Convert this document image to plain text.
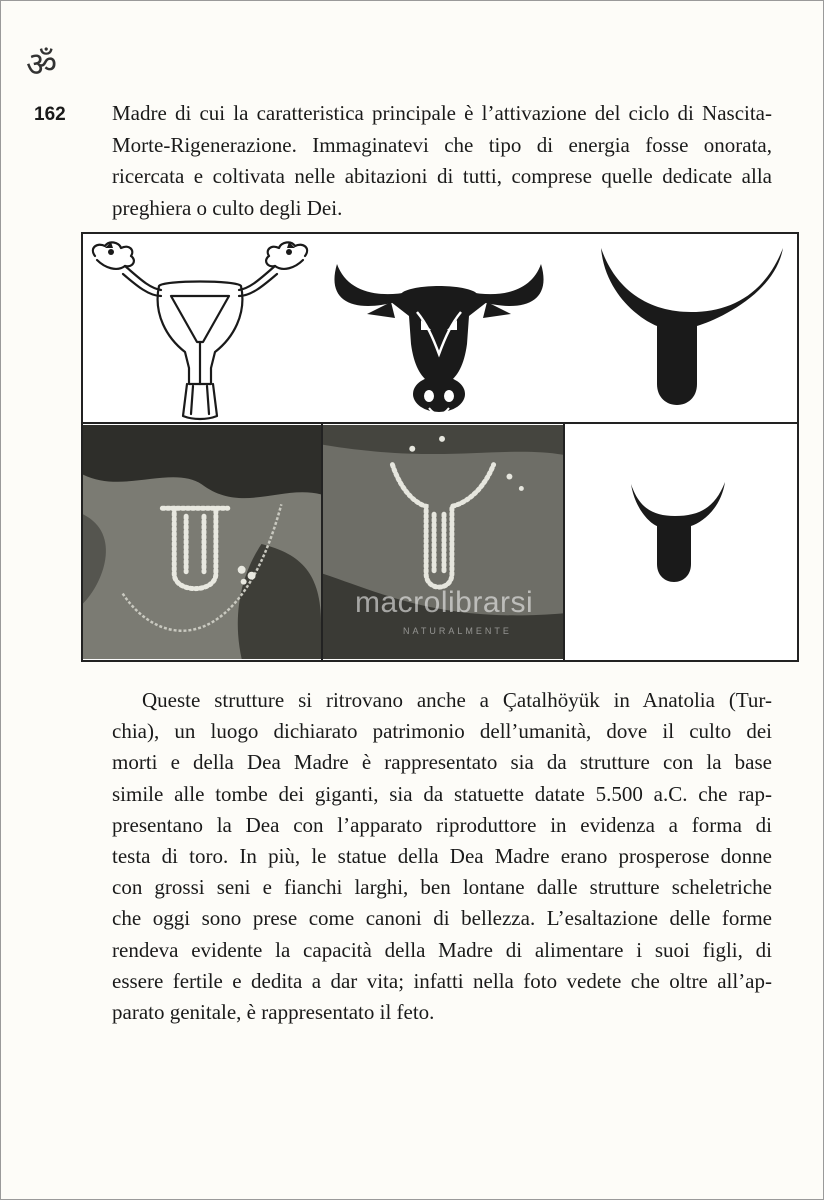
ॐ
162 Madre di cui la caratteristica principale è l’attivazione del ciclo di Nascita-
Morte-Rigenerazione. Immaginatevi che tipo di energia fosse onorata,
ricercata e coltivata nelle abitazioni di tutti, comprese quelle dedicate alla
preghiera o culto degli Dei.
macrolibrarsi
NATURALMENTE
Queste strutture si ritrovano anche a Çatalhöyük in Anatolia (Tur-
chia), un luogo dichiarato patrimonio dell’umanità, dove il culto dei
morti e della Dea Madre è rappresentato sia da strutture con la base
simile alle tombe dei giganti, sia da statuette datate 5.500 a.C. che rap-
presentano la Dea con l’apparato riproduttore in evidenza a forma di
testa di toro. In più, le statue della Dea Madre erano prosperose donne
con grossi seni e fianchi larghi, ben lontane dalle strutture scheletriche
che oggi sono prese come canoni di bellezza. L’esaltazione delle forme
rendeva evidente la capacità della Madre di alimentare i suoi figli, di
essere fertile e dedita a dar vita; infatti nella foto vedete che oltre all’ap-
parato genitale, è rappresentato il feto.
